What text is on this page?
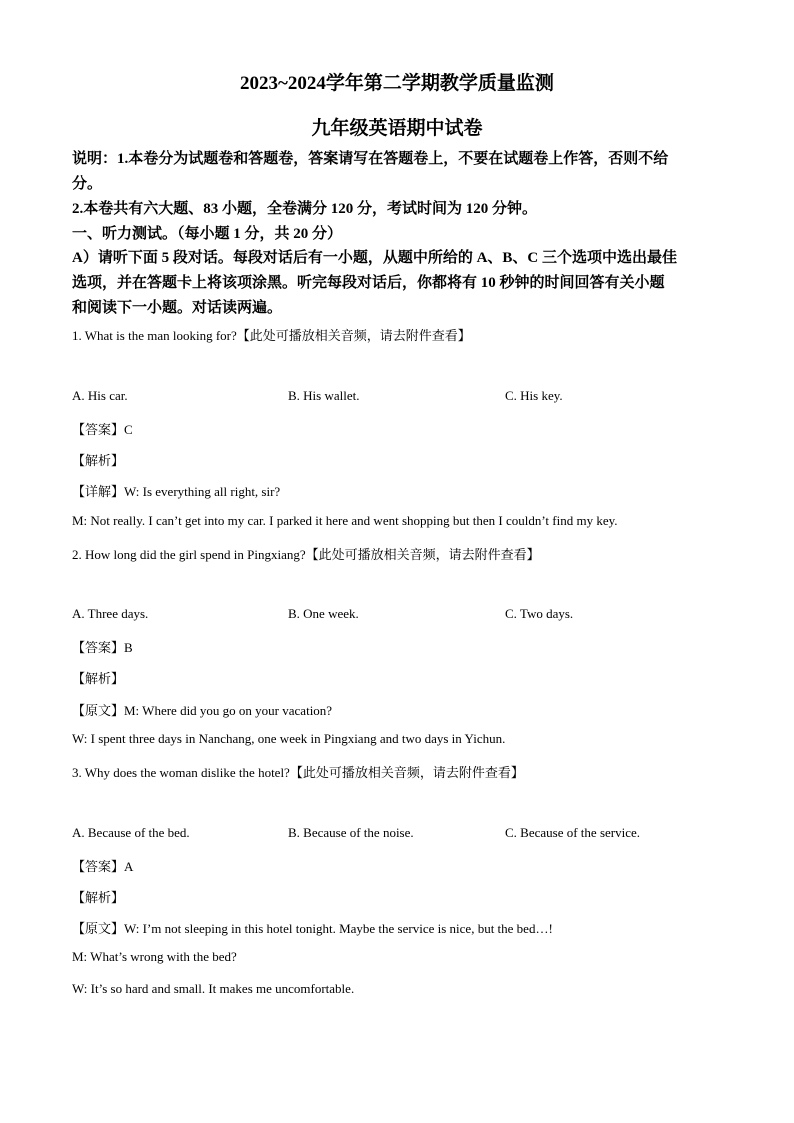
2023~2024学年第二学期教学质量监测
九年级英语期中试卷
说明：1.本卷分为试题卷和答题卷，答案请写在答题卷上，不要在试题卷上作答，否则不给
分。
2.本卷共有六大题、83 小题，全卷满分 120 分，考试时间为 120 分钟。
一、听力测试。（每小题 1 分，共 20 分）
A）请听下面 5 段对话。每段对话后有一小题，从题中所给的 A、B、C 三个选项中选出最佳
选项，并在答题卡上将该项涂黑。听完每段对话后，你都将有 10 秒钟的时间回答有关小题
和阅读下一小题。对话读两遍。
1. What is the man looking for?【此处可播放相关音频，请去附件查看】
A. His car.	B. His wallet.	C. His key.
【答案】C
【解析】
【详解】W: Is everything all right, sir?
M: Not really. I can’t get into my car. I parked it here and went shopping but then I couldn’t find my key.
2. How long did the girl spend in Pingxiang?【此处可播放相关音频，请去附件查看】
A. Three days.	B. One week.	C. Two days.
【答案】B
【解析】
【原文】M: Where did you go on your vacation?
W: I spent three days in Nanchang, one week in Pingxiang and two days in Yichun.
3. Why does the woman dislike the hotel?【此处可播放相关音频，请去附件查看】
A. Because of the bed.	B. Because of the noise.	C. Because of the service.
【答案】A
【解析】
【原文】W: I’m not sleeping in this hotel tonight. Maybe the service is nice, but the bed…!
M: What’s wrong with the bed?
W: It’s so hard and small. It makes me uncomfortable.
